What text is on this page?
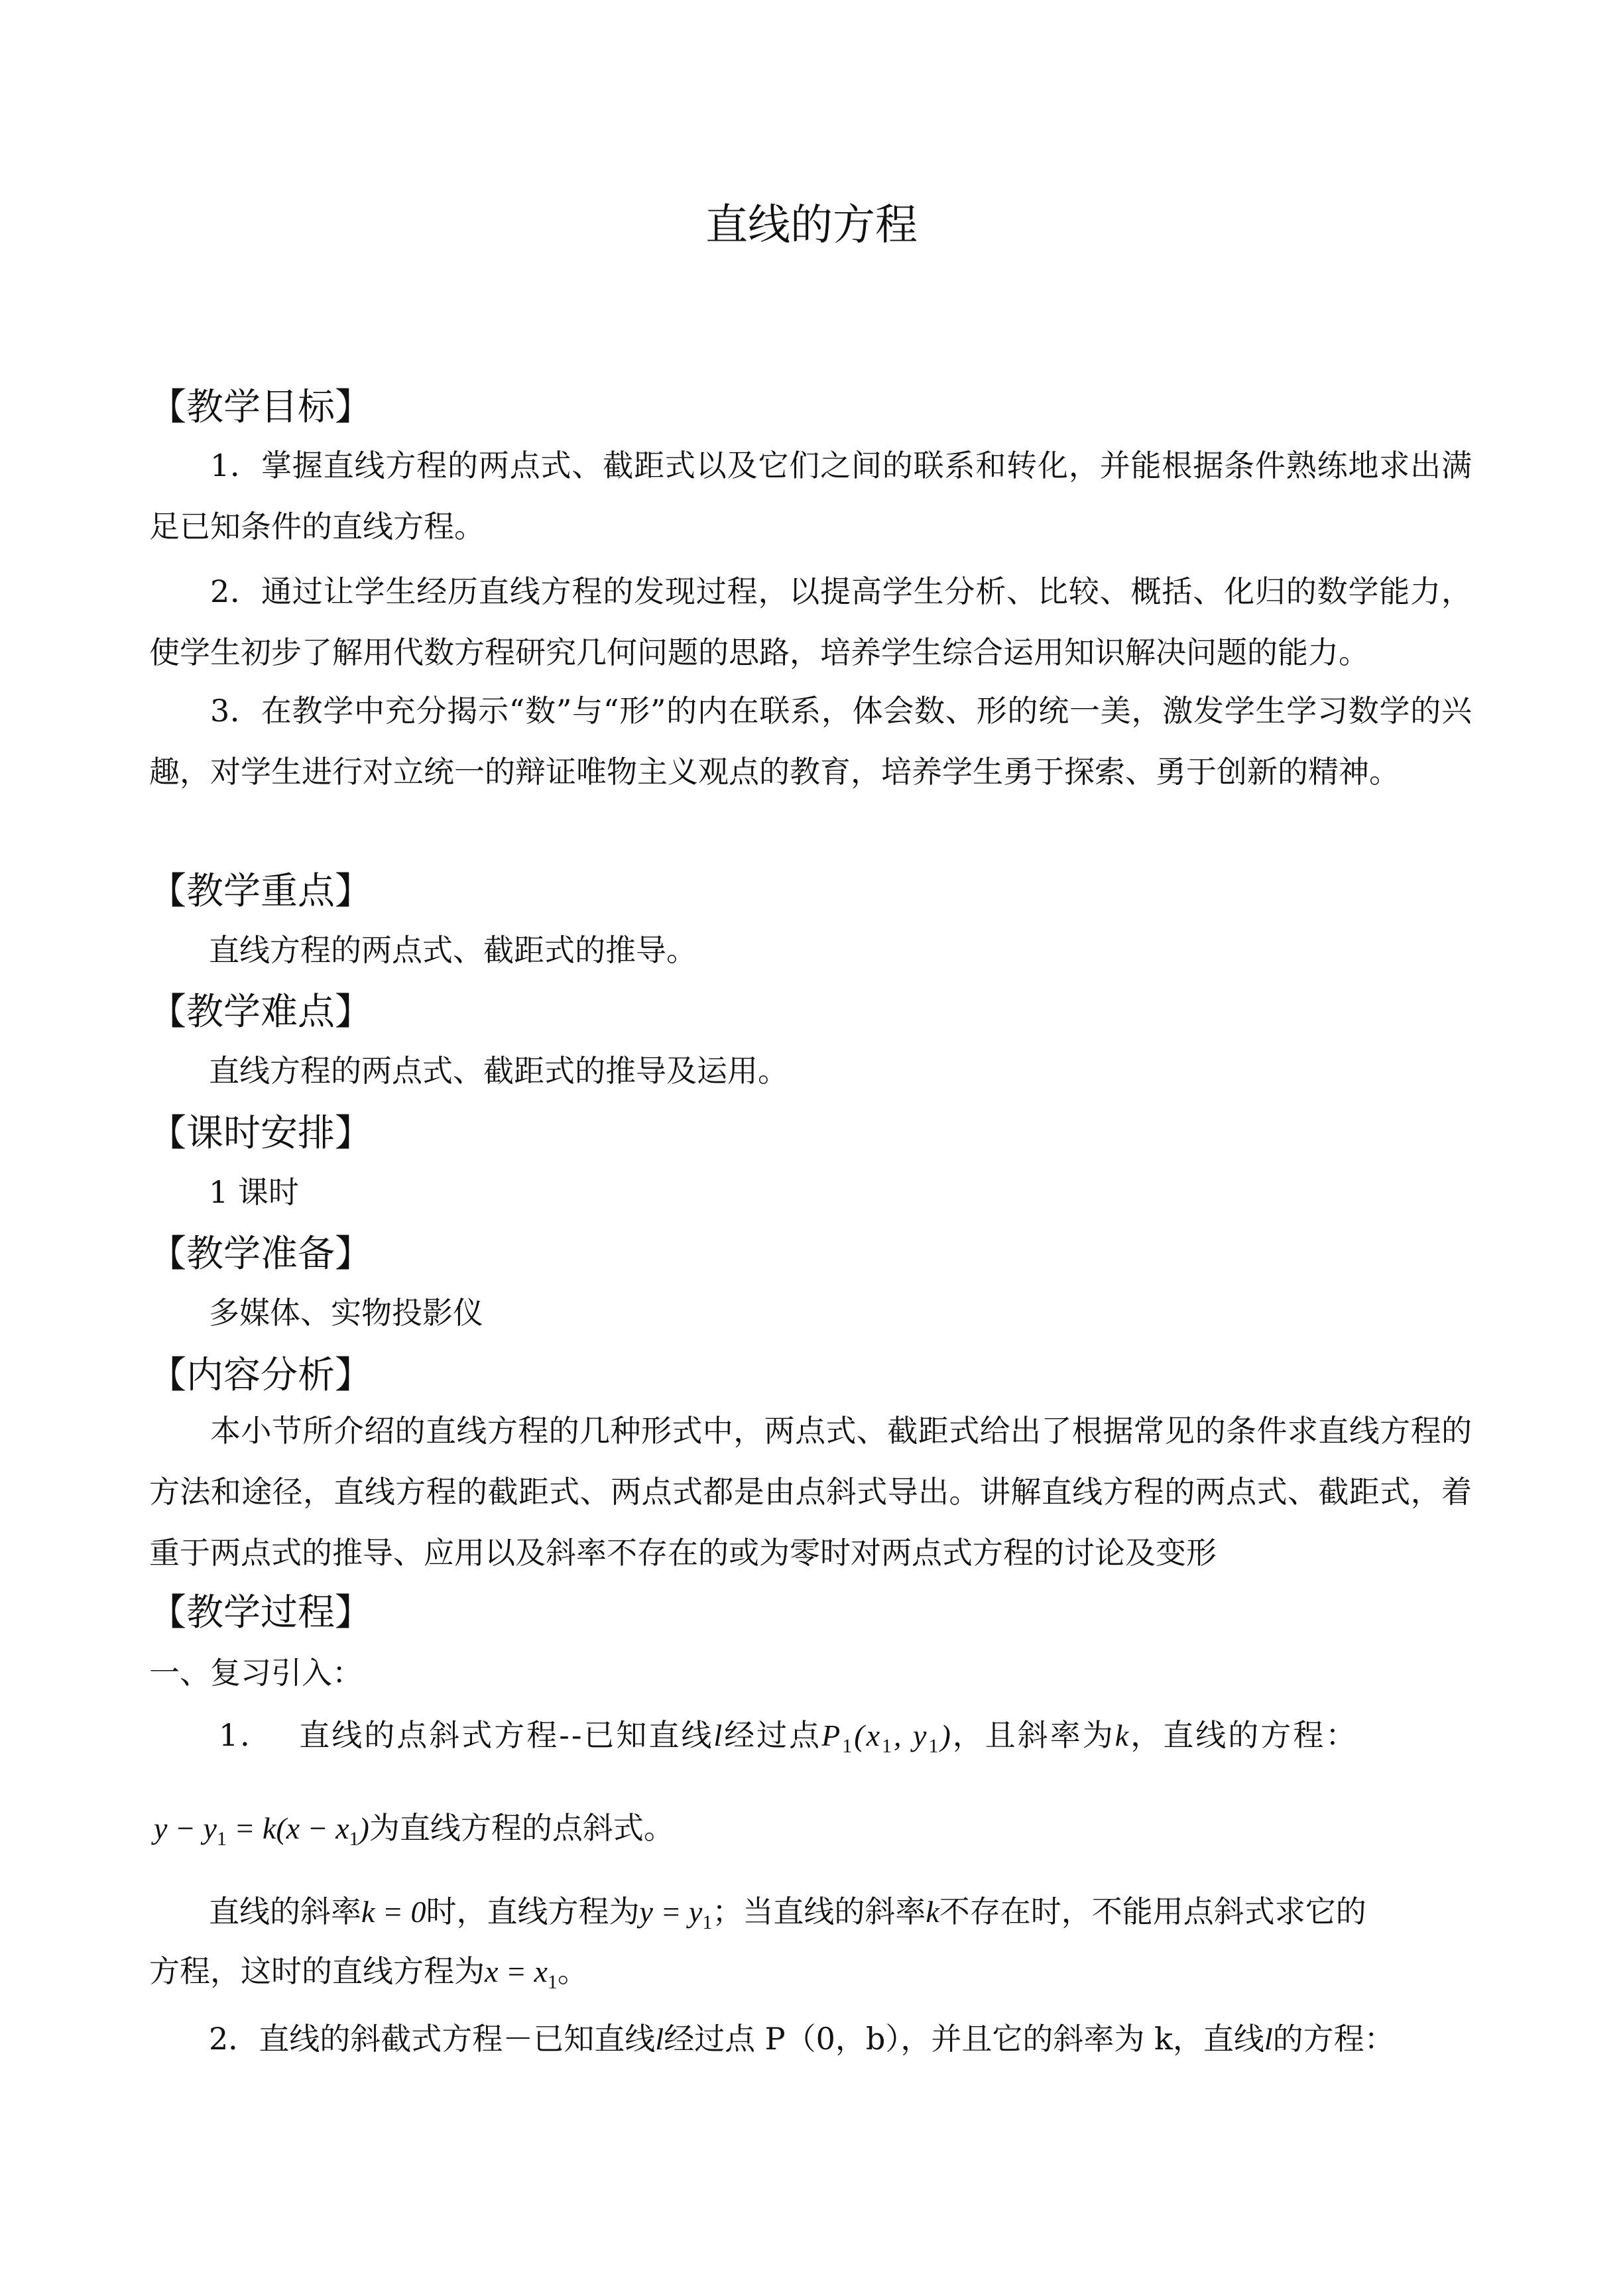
直线的方程
【教学目标】
1．掌握直线方程的两点式、截距式以及它们之间的联系和转化，并能根据条件熟练地求出满足已知条件的直线方程。
2．通过让学生经历直线方程的发现过程，以提高学生分析、比较、概括、化归的数学能力，使学生初步了解用代数方程研究几何问题的思路，培养学生综合运用知识解决问题的能力。
3．在教学中充分揭示“数”与“形”的内在联系，体会数、形的统一美，激发学生学习数学的兴趣，对学生进行对立统一的辩证唯物主义观点的教育，培养学生勇于探索、勇于创新的精神。
【教学重点】
直线方程的两点式、截距式的推导。
【教学难点】
直线方程的两点式、截距式的推导及运用。
【课时安排】
1 课时
【教学准备】
多媒体、实物投影仪
【内容分析】
本小节所介绍的直线方程的几种形式中，两点式、截距式给出了根据常见的条件求直线方程的方法和途径，直线方程的截距式、两点式都是由点斜式导出。讲解直线方程的两点式、截距式，着重于两点式的推导、应用以及斜率不存在的或为零时对两点式方程的讨论及变形
【教学过程】
一、复习引入：
1． 直线的点斜式方程--已知直线l经过点$P_1(x_1$, $y_1$)，且斜率为k，直线的方程：
$y - y_1 = k(x - x_1)$为直线方程的点斜式。
直线的斜率k = 0时，直线方程为$y = y_1$；当直线的斜率k不存在时，不能用点斜式求它的
方程，这时的直线方程为$x = x_1$。
2．直线的斜截式方程－已知直线l经过点 P（0，b），并且它的斜率为 k，直线l的方程：
